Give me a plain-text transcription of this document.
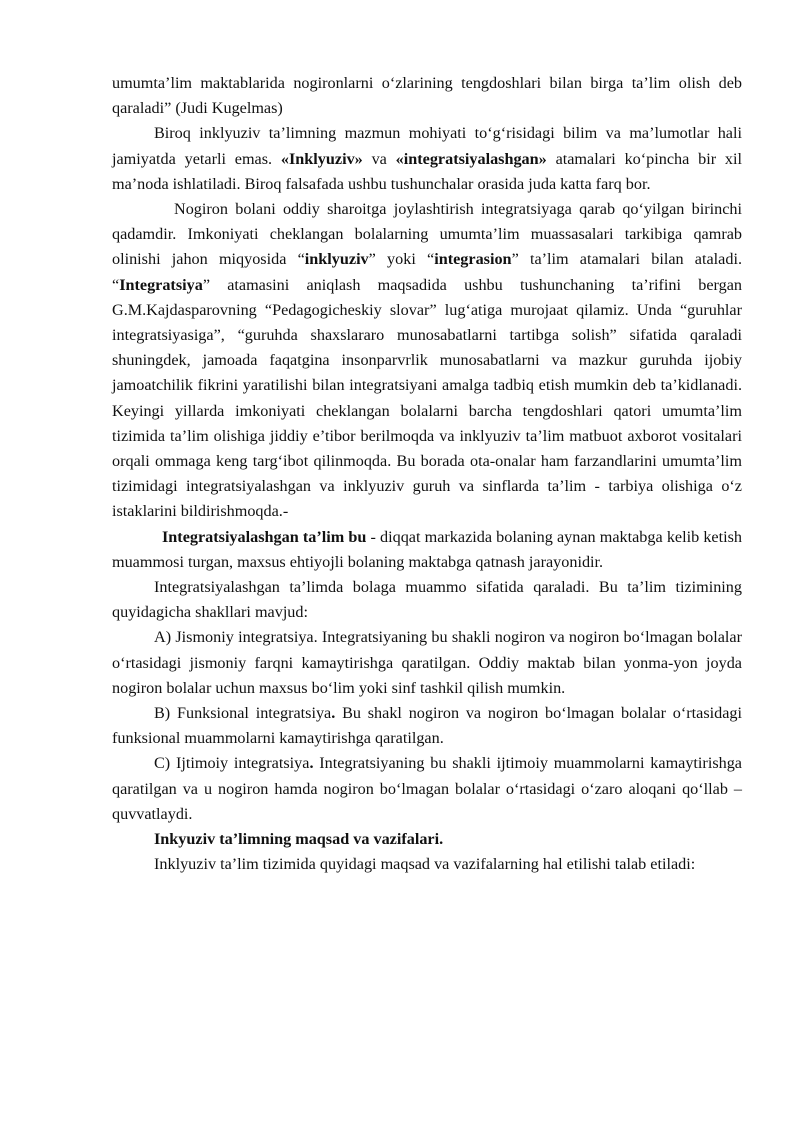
umumta’lim maktablarida nogironlarni o‘zlarining tengdoshlari bilan birga ta’lim olish deb qaraladi” (Judi Kugelmas)

Biroq inklyuziv ta’limning mazmun mohiyati to‘g‘risidagi bilim va ma’lumotlar hali jamiyatda yetarli emas. «Inklyuziv» va «integratsiyalashgan» atamalari ko‘pincha bir xil ma’noda ishlatiladi. Biroq falsafada ushbu tushunchalar orasida juda katta farq bor.

Nogiron bolani oddiy sharoitga joylashtirish integratsiyaga qarab qo‘yilgan birinchi qadamdir. Imkoniyati cheklangan bolalarning umumta’lim muassasalari tarkibiga qamrab olinishi jahon miqyosida “inklyuziv” yoki “integrasion” ta’lim atamalari bilan ataladi. “Integratsiya” atamasini aniqlash maqsadida ushbu tushunchaning ta’rifini bergan G.M.Kajdasparovning “Pedagogicheskiy slovar” lug‘atiga murojaat qilamiz. Unda “guruhlar integratsiyasiga”, “guruhda shaxslararo munosabatlarni tartibga solish” sifatida qaraladi shuningdek, jamoada faqatgina insonparvrlik munosabatlarni va mazkur guruhda ijobiy jamoatchilik fikrini yaratilishi bilan integratsiyani amalga tadbiq etish mumkin deb ta’kidlanadi. Keyingi yillarda imkoniyati cheklangan bolalarni barcha tengdoshlari qatori umumta’lim tizimida ta’lim olishiga jiddiy e’tibor berilmoqda va inklyuziv ta’lim matbuot axborot vositalari orqali ommaga keng targ‘ibot qilinmoqda. Bu borada ota-onalar ham farzandlarini umumta’lim tizimidagi integratsiyalashgan va inklyuziv guruh va sinflarda ta’lim - tarbiya olishiga o‘z istaklarini bildirishmoqda.-

Integratsiyalashgan ta’lim bu - diqqat markazida bolaning aynan maktabga kelib ketish muammosi turgan, maxsus ehtiyojli bolaning maktabga qatnash jarayonidir.

Integratsiyalashgan ta’limda bolaga muammo sifatida qaraladi. Bu ta’lim tizimining quyidagicha shakllari mavjud:

A) Jismoniy integratsiya. Integratsiyaning bu shakli nogiron va nogiron bo‘lmagan bolalar o‘rtasidagi jismoniy farqni kamaytirishga qaratilgan. Oddiy maktab bilan yonma-yon joyda nogiron bolalar uchun maxsus bo‘lim yoki sinf tashkil qilish mumkin.

B) Funksional integratsiya. Bu shakl nogiron va nogiron bo‘lmagan bolalar o‘rtasidagi funksional muammolarni kamaytirishga qaratilgan.

C) Ijtimoiy integratsiya. Integratsiyaning bu shakli ijtimoiy muammolarni kamaytirishga qaratilgan va u nogiron hamda nogiron bo‘lmagan bolalar o‘rtasidagi o‘zaro aloqani qo‘llab – quvvatlaydi.

Inkyuziv ta’limning maqsad va vazifalari.

Inklyuziv ta’lim tizimida quyidagi maqsad va vazifalarning hal etilishi talab etiladi:
